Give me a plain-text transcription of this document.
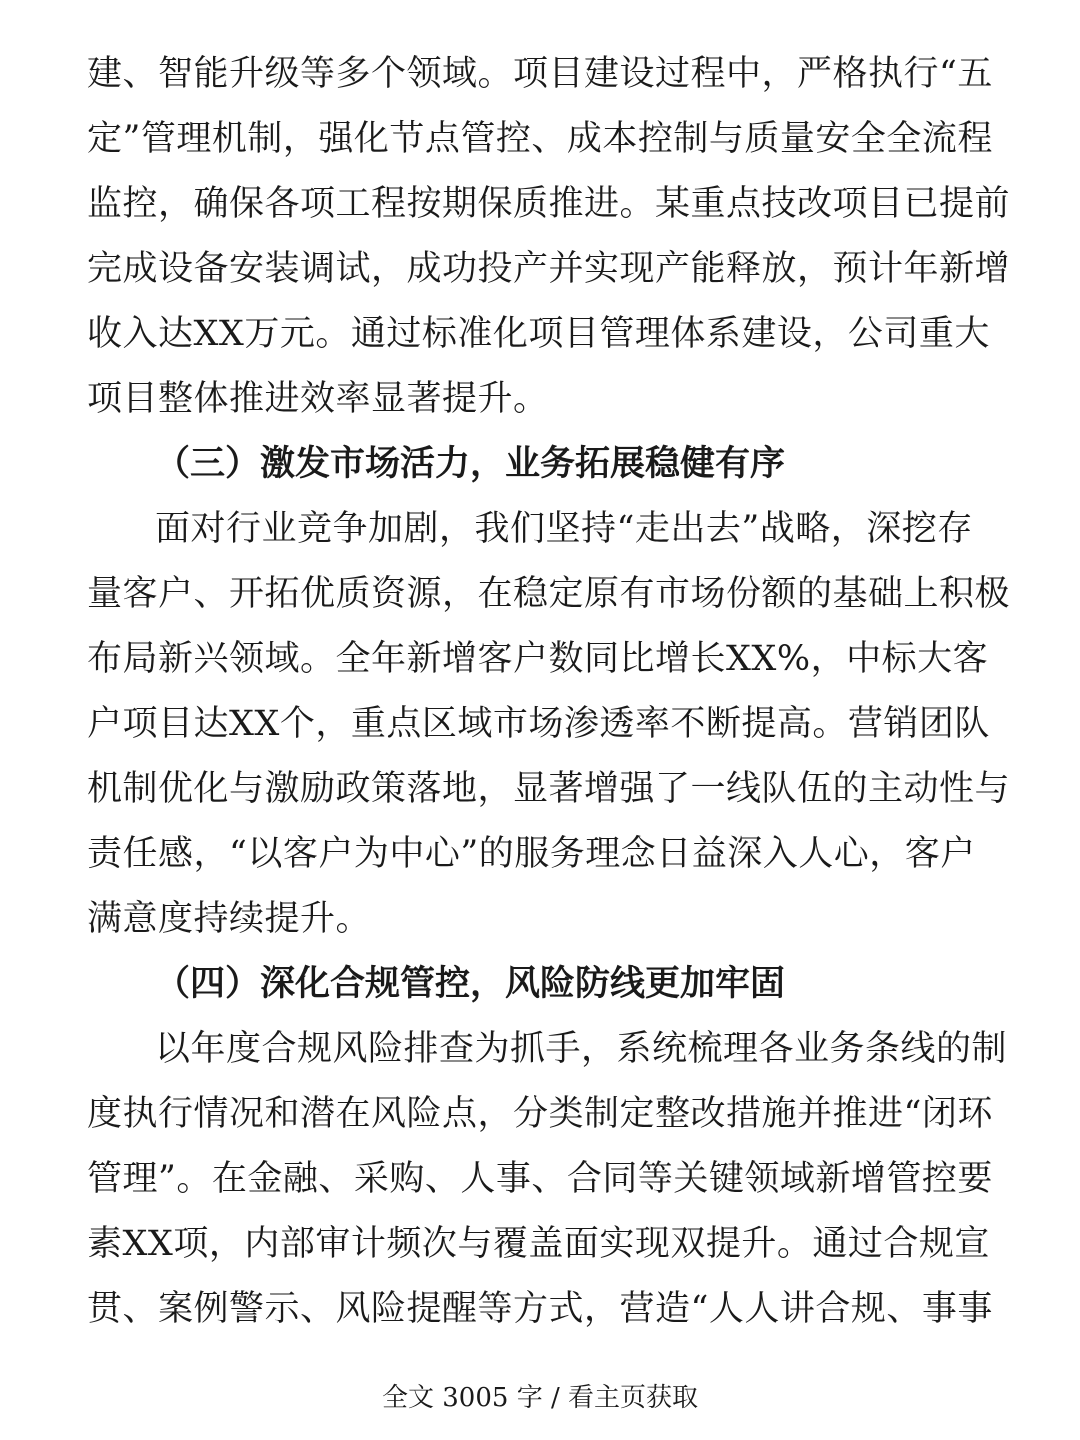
建、智能升级等多个领域。项目建设过程中，严格执行“五
定”管理机制，强化节点管控、成本控制与质量安全全流程
监控，确保各项工程按期保质推进。某重点技改项目已提前
完成设备安装调试，成功投产并实现产能释放，预计年新增
收入达XX万元。通过标准化项目管理体系建设，公司重大
项目整体推进效率显著提升。
（三）激发市场活力，业务拓展稳健有序
面对行业竞争加剧，我们坚持“走出去”战略，深挖存
量客户、开拓优质资源，在稳定原有市场份额的基础上积极
布局新兴领域。全年新增客户数同比增长XX%，中标大客
户项目达XX个，重点区域市场渗透率不断提高。营销团队
机制优化与激励政策落地，显著增强了一线队伍的主动性与
责任感，“以客户为中心”的服务理念日益深入人心，客户
满意度持续提升。
（四）深化合规管控，风险防线更加牢固
以年度合规风险排查为抓手，系统梳理各业务条线的制
度执行情况和潜在风险点，分类制定整改措施并推进“闭环
管理”。在金融、采购、人事、合同等关键领域新增管控要
素XX项，内部审计频次与覆盖面实现双提升。通过合规宣
贯、案例警示、风险提醒等方式，营造“人人讲合规、事事
全文 3005 字 / 看主页获取
